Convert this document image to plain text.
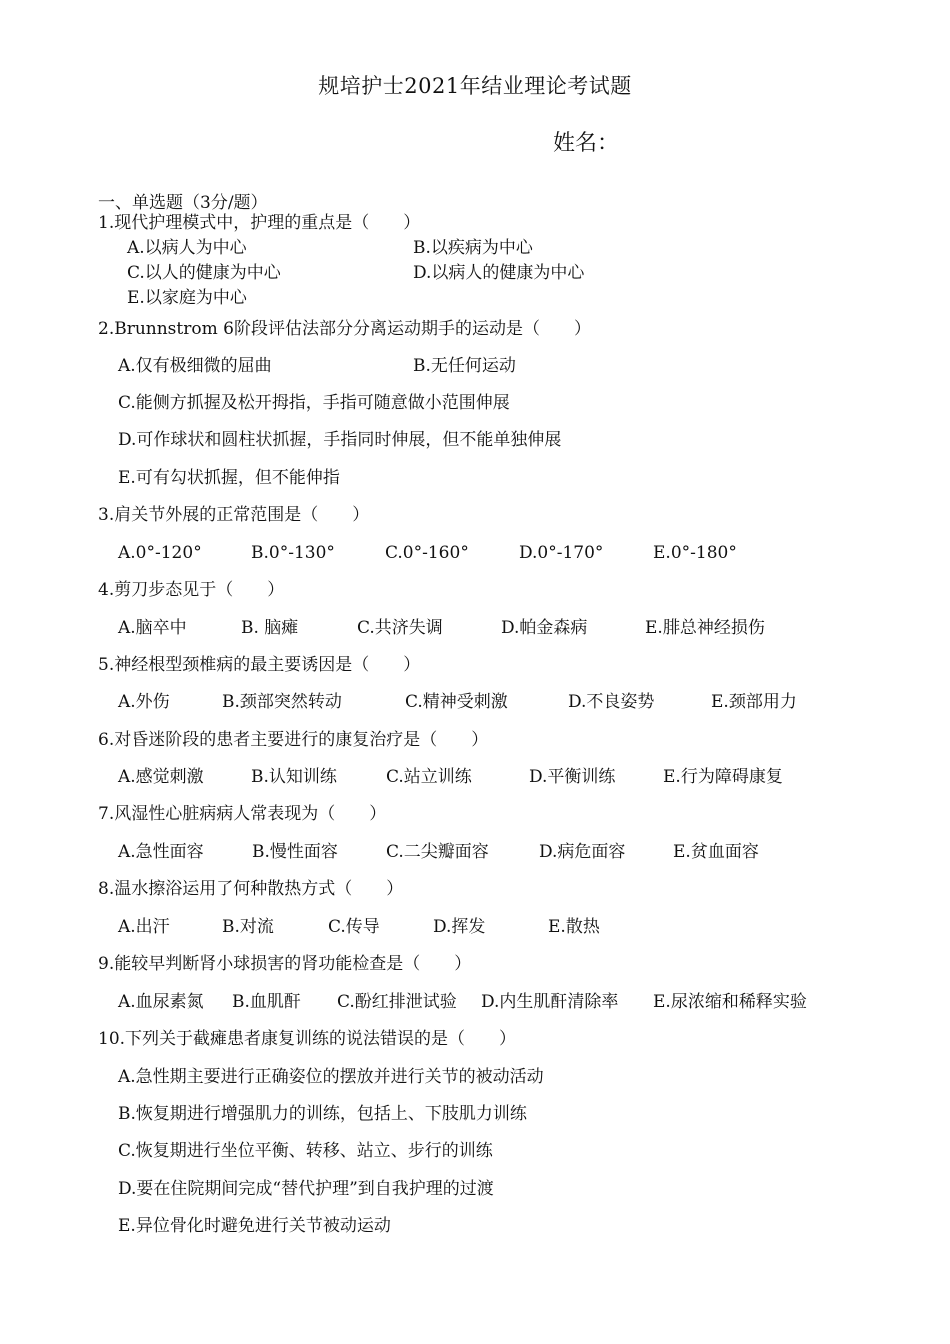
规培护士2021年结业理论考试题
姓名：
一、单选题（3分/题）
1.现代护理模式中，护理的重点是（　　）
A.以病人为中心	B.以疾病为中心
C.以人的健康为中心	D.以病人的健康为中心
E.以家庭为中心
2.Brunnstrom 6阶段评估法部分分离运动期手的运动是（　　）
A.仅有极细微的屈曲	B.无任何运动
C.能侧方抓握及松开拇指，手指可随意做小范围伸展
D.可作球状和圆柱状抓握，手指同时伸展，但不能单独伸展
E.可有勾状抓握，但不能伸指
3.肩关节外展的正常范围是（　　）
A.0°-120°	B.0°-130°	C.0°-160°	D.0°-170°	E.0°-180°
4.剪刀步态见于（　　）
A.脑卒中	B. 脑瘫	C.共济失调	D.帕金森病	E.腓总神经损伤
5.神经根型颈椎病的最主要诱因是（　　）
A.外伤	B.颈部突然转动	C.精神受刺激	D.不良姿势	E.颈部用力
6.对昏迷阶段的患者主要进行的康复治疗是（　　）
A.感觉刺激	B.认知训练	C.站立训练	D.平衡训练	E.行为障碍康复
7.风湿性心脏病病人常表现为（　　）
A.急性面容	B.慢性面容	C.二尖瓣面容	D.病危面容	E.贫血面容
8.温水擦浴运用了何种散热方式（　　）
A.出汗	B.对流	C.传导	D.挥发	E.散热
9.能较早判断肾小球损害的肾功能检查是（　　）
A.血尿素氮 B.血肌酐 C.酚红排泄试验 D.内生肌酐清除率 E.尿浓缩和稀释实验
10.下列关于截瘫患者康复训练的说法错误的是（　　）
A.急性期主要进行正确姿位的摆放并进行关节的被动活动
B.恢复期进行增强肌力的训练，包括上、下肢肌力训练
C.恢复期进行坐位平衡、转移、站立、步行的训练
D.要在住院期间完成“替代护理”到自我护理的过渡
E.异位骨化时避免进行关节被动运动
